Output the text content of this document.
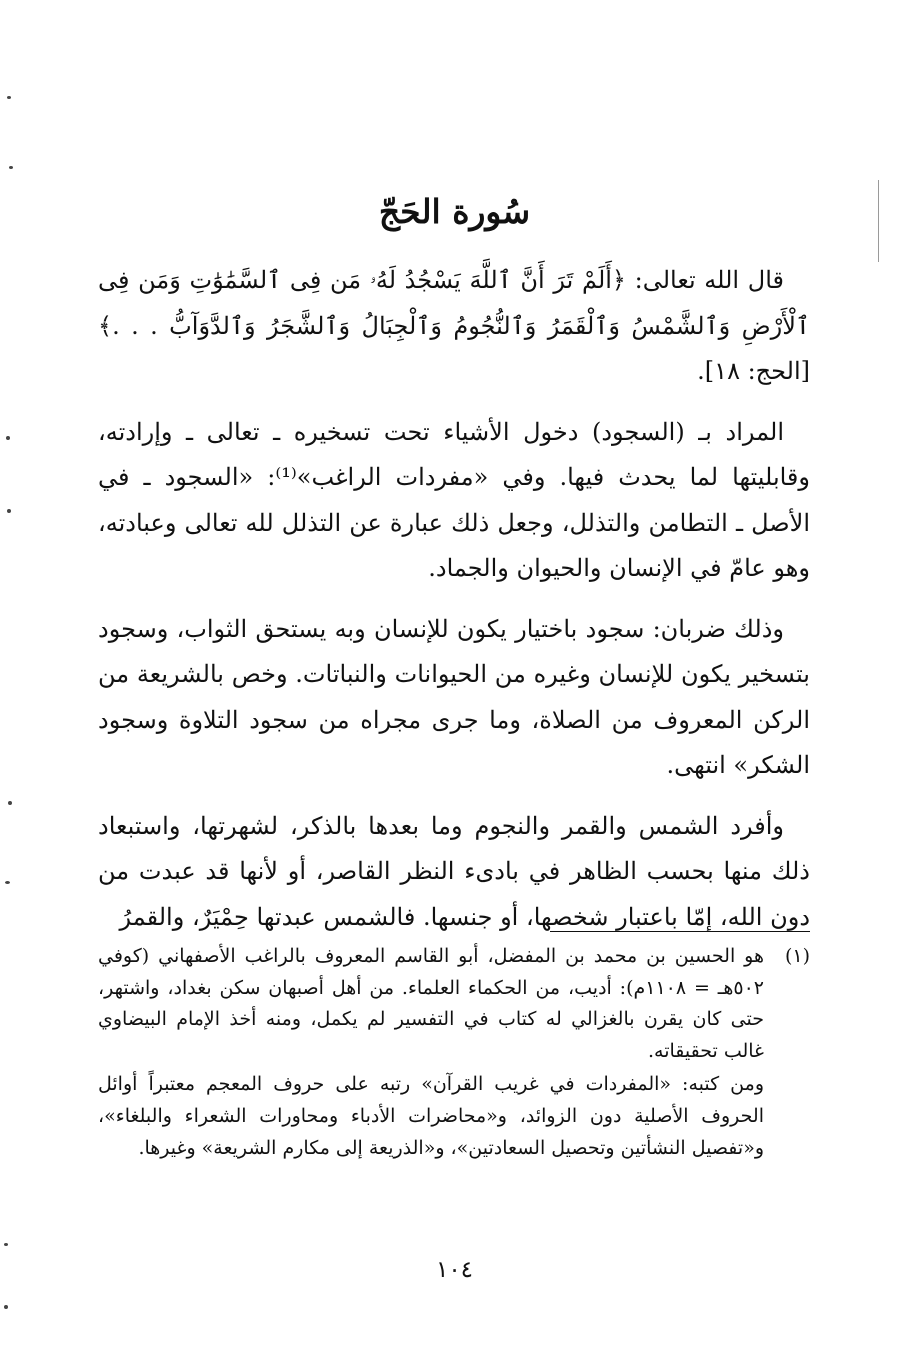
سُورة الحَجّ

قال الله تعالى: ﴿أَلَمْ تَرَ أَنَّ ٱللَّهَ يَسْجُدُ لَهُۥ مَن فِى ٱلسَّمَٰوَٰتِ وَمَن فِى ٱلْأَرْضِ وَٱلشَّمْسُ وَٱلْقَمَرُ وَٱلنُّجُومُ وَٱلْجِبَالُ وَٱلشَّجَرُ وَٱلدَّوَآبُّ . . .﴾ [الحج: ١٨].

المراد بـ (السجود) دخول الأشياء تحت تسخيره ـ تعالى ـ وإرادته، وقابليتها لما يحدث فيها. وفي «مفردات الراغب»⁽¹⁾: «السجود ـ في الأصل ـ التطامن والتذلل، وجعل ذلك عبارة عن التذلل لله تعالى وعبادته، وهو عامّ في الإنسان والحيوان والجماد.

وذلك ضربان: سجود باختيار يكون للإنسان وبه يستحق الثواب، وسجود بتسخير يكون للإنسان وغيره من الحيوانات والنباتات. وخص بالشريعة من الركن المعروف من الصلاة، وما جرى مجراه من سجود التلاوة وسجود الشكر» انتهى.

وأفرد الشمس والقمر والنجوم وما بعدها بالذكر، لشهرتها، واستبعاد ذلك منها بحسب الظاهر في بادىء النظر القاصر، أو لأنها قد عبدت من دون الله، إمّا باعتبار شخصها، أو جنسها. فالشمس عبدتها حِمْيَرٌ، والقمرُ

(١)
هو الحسين بن محمد بن المفضل، أبو القاسم المعروف بالراغب الأصفهاني (كوفي ٥٠٢هـ = ١١٠٨م): أديب، من الحكماء العلماء. من أهل أصبهان سكن بغداد، واشتهر، حتى كان يقرن بالغزالي له كتاب في التفسير لم يكمل، ومنه أخذ الإمام البيضاوي غالب تحقيقاته.
ومن كتبه: «المفردات في غريب القرآن» رتبه على حروف المعجم معتبراً أوائل الحروف الأصلية دون الزوائد، و«محاضرات الأدباء ومحاورات الشعراء والبلغاء»، و«تفصيل النشأتين وتحصيل السعادتين»، و«الذريعة إلى مكارم الشريعة» وغيرها.
١٠٤
